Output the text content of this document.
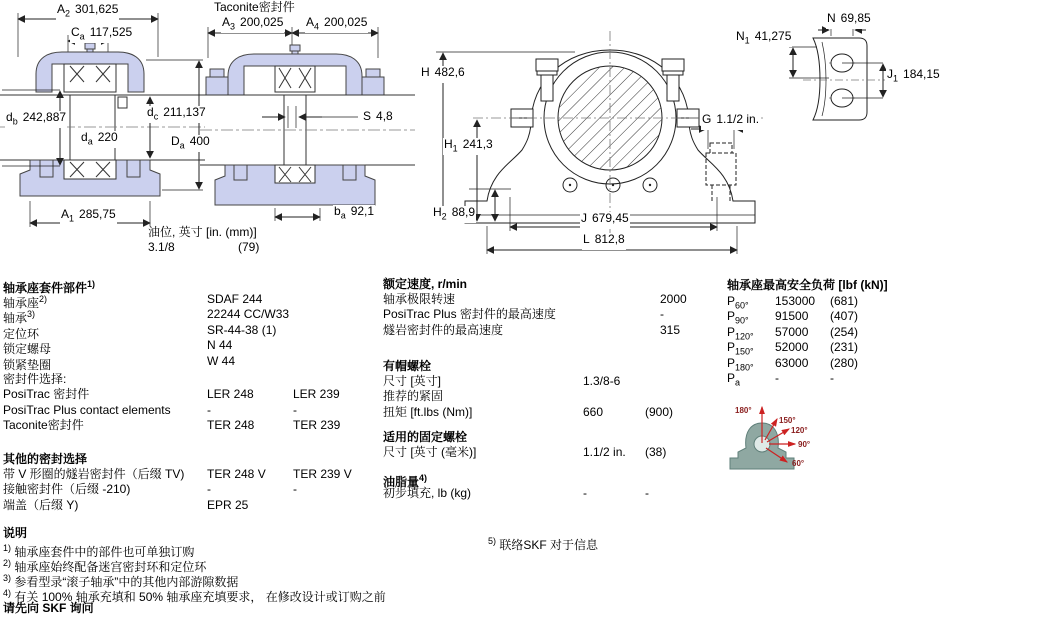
180°
150°
120°
90°
60°
$A_2$ 301,625
$C_a$ 117,525
$d_b$ 242,887	$d_c$ 211,137
$d_a$ 220	$D_a$ 400
$A_1$ 285,75
Taconite密封件
$A_3$ 200,025 $A_4$ 200,025
S 4,8
$b_a$ 92,1
油位, 英寸 [in. (mm)]
3.1/8	(79)
H 482,6
$H_1$ 241,3
$H_2$ 88,9
G 1.1/2 in.
J 679,45
L 812,8
N 69,85
$N_1$ 41,275
$J_1$ 184,15
轴承座套件部件$^{1)}$
轴承座$^{2)}$	SDAF 244
轴承$^{3)}$	22244 CC/W33
定位环	SR-44-38 (1)
锁定螺母	N 44
锁紧垫圈	W 44
密封件选择:
PosiTrac 密封件	LER 248	LER 239
PosiTrac Plus contact elements	-	-
Taconite密封件	TER 248	TER 239
其他的密封选择
带 V 形圈的燧岩密封件（后缀 TV)	TER 248 V	TER 239 V
接触密封件（后缀 -210)	-	-
端盖（后缀 Y)	EPR 25
额定速度, r/min
轴承极限转速	2000
PosiTrac Plus 密封件的最高速度	-
燧岩密封件的最高速度	315
有帽螺栓
尺寸 [英寸]	1.3/8-6
推荐的紧固
扭矩 [ft.lbs (Nm)]	660	(900)
适用的固定螺栓
尺寸 [英寸 (毫米)]	1.1/2 in.	(38)
油脂量$^{4)}$
初步填充, lb (kg)	-	-
轴承座最高安全负荷 [lbf (kN)]
$P_{60^\circ}$	153000	(681)
$P_{90^\circ}$	91500	(407)
$P_{120^\circ}$	57000	(254)
$P_{150^\circ}$	52000	(231)
$P_{180^\circ}$	63000	(280)
$P_a$	-	-
说明
$^{1)}$ 轴承座套件中的部件也可单独订购
$^{2)}$ 轴承座始终配备迷宫密封环和定位环
$^{3)}$ 参看型录“滚子轴承”中的其他内部游隙数据
$^{4)}$ 有关 100% 轴承充填和 50% 轴承座充填要求， 在修改设计或订购之前
请先向 SKF 询问
$^{5)}$ 联络SKF 对于信息
